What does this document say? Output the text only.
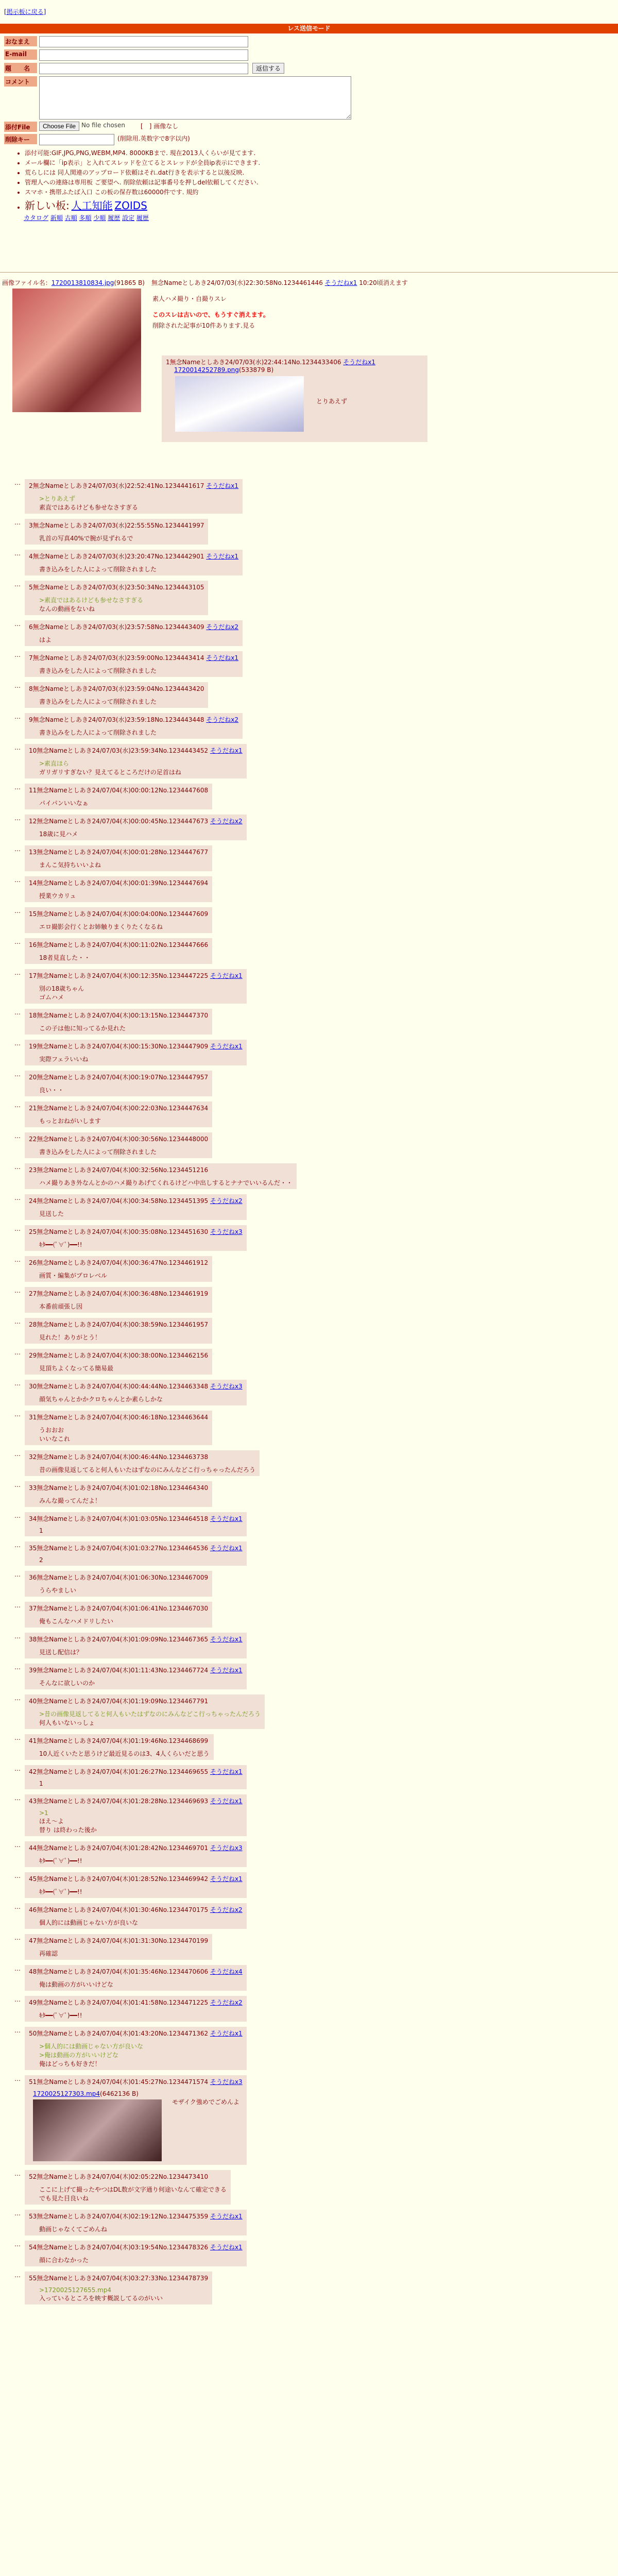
[掲示板に戻る]
レス送信モード
おなまえ
E-mail
題　　名	返信する
コメント
添付File	Choose File No file chosen	[　] 画像なし
削除キー	(削除用.英数字で8字以内)
• 添付可能:GIF,JPG,PNG,WEBM,MP4. 8000KBまで. 現在2013人くらいが見てます.
• メール欄に「ip表示」と入れてスレッドを立てるとスレッドが全員ip表示にできます.
• 荒らしには 同人関連のアップロード依頼はそれ.dat行きを表示すると以後反映.
• 管理人への連絡は専用板 ご要望へ. 削除依頼は記事番号を押しdel依頼してください.
• スマホ・携帯ふたば入口 この板の保存数は60000件です. 規約
• 新しい板: 人工知能 ZOIDS
カタログ 新順 古順 多順 少順 履歴 設定 履歴
画像ファイル名：1720013810834.jpg(91865 B)	無念Nameとしあき24/07/03(水)22:30:58No.1234461446 そうだねx1 10:20頃消えます
素人ハメ撮り・自撮りスレ
このスレは古いので、もうすぐ消えます。
削除された記事が10件あります.見る
1無念Nameとしあき24/07/03(水)22:44:14No.1234433406 そうだねx1
1720014252789.png(533879 B)
とりあえず
…	2無念Nameとしあき24/07/03(水)22:52:41No.1234441617 そうだねx1
>とりあえず
素直ではあるけども参せなさすぎる
…	3無念Nameとしあき24/07/03(水)22:55:55No.1234441997
乳首の写真40%で腕が見ずれるで
…	4無念Nameとしあき24/07/03(水)23:20:47No.1234442901 そうだねx1
書き込みをした人によって削除されました
…	5無念Nameとしあき24/07/03(水)23:50:34No.1234443105
>素直ではあるけども参せなさすぎる
なんの動画をないね
…	6無念Nameとしあき24/07/03(水)23:57:58No.1234443409 そうだねx2
はよ
…	7無念Nameとしあき24/07/03(水)23:59:00No.1234443414 そうだねx1
書き込みをした人によって削除されました
…	8無念Nameとしあき24/07/03(水)23:59:04No.1234443420
書き込みをした人によって削除されました
…	9無念Nameとしあき24/07/03(水)23:59:18No.1234443448 そうだねx2
書き込みをした人によって削除されました
…	10無念Nameとしあき24/07/03(水)23:59:34No.1234443452 そうだねx1
>素直ほら
ガリガリすぎない？見えてるところだけの足首はね
…	11無念Nameとしあき24/07/04(木)00:00:12No.1234447608
パイパンいいなぁ
…	12無念Nameとしあき24/07/04(木)00:00:45No.1234447673 そうだねx2
18歳に見ハメ
…	13無念Nameとしあき24/07/04(木)00:01:28No.1234447677
まんこ気持ちいいよね
…	14無念Nameとしあき24/07/04(木)00:01:39No.1234447694
授業ウカリュ
…	15無念Nameとしあき24/07/04(木)00:04:00No.1234447609
エロ撮影会行くとお姉触りまくりたくなるね
…	16無念Nameとしあき24/07/04(木)00:11:02No.1234447666
18者見直した・・
…	17無念Nameとしあき24/07/04(木)00:12:35No.1234447225 そうだねx1
別の18歳ちゃん
ゴムハメ
…	18無念Nameとしあき24/07/04(木)00:13:15No.1234447370
この子は他に知ってるか見れた
…	19無念Nameとしあき24/07/04(木)00:15:30No.1234447909 そうだねx1
実際フェラいいね
…	20無念Nameとしあき24/07/04(木)00:19:07No.1234447957
良い・・
…	21無念Nameとしあき24/07/04(木)00:22:03No.1234447634
もっとおねがいします
…	22無念Nameとしあき24/07/04(木)00:30:56No.1234448000
書き込みをした人によって削除されました
…	23無念Nameとしあき24/07/04(木)00:32:56No.1234451216
ハメ撮りあき外なんとかのハメ撮りあげてくれるけどハ中出しするとナナでいいるんだ・・
…	24無念Nameとしあき24/07/04(木)00:34:58No.1234451395 そうだねx2
見送した
…	25無念Nameとしあき24/07/04(木)00:35:08No.1234451630 そうだねx3
ｷﾀ━━(ﾟ∀ﾟ)━━!!
…	26無念Nameとしあき24/07/04(木)00:36:47No.1234461912
画質・編集がプロレベル
…	27無念Nameとしあき24/07/04(木)00:36:48No.1234461919
本番前頑張し因
…	28無念Nameとしあき24/07/04(木)00:38:59No.1234461957
見れた！ありがとう！
…	29無念Nameとしあき24/07/04(木)00:38:00No.1234462156
見頂ちよくなってる簡易最
…	30無念Nameとしあき24/07/04(木)00:44:44No.1234463348 そうだねx3
顔気ちゃんとかかクロちゃんとか素らしかな
…	31無念Nameとしあき24/07/04(木)00:46:18No.1234463644
うおおお
いいなこれ
…	32無念Nameとしあき24/07/04(木)00:46:44No.1234463738
昔の画像見返してると何人もいたはずなのにみんなどこ行っちゃったんだろう
…	33無念Nameとしあき24/07/04(木)01:02:18No.1234464340
みんな撮ってんだよ！
…	34無念Nameとしあき24/07/04(木)01:03:05No.1234464518 そうだねx1
1
…	35無念Nameとしあき24/07/04(木)01:03:27No.1234464536 そうだねx1
2
…	36無念Nameとしあき24/07/04(木)01:06:30No.1234467009
うらやましい
…	37無念Nameとしあき24/07/04(木)01:06:41No.1234467030
俺もこんなハメドリしたい
…	38無念Nameとしあき24/07/04(木)01:09:09No.1234467365 そうだねx1
見送し配信は？
…	39無念Nameとしあき24/07/04(木)01:11:43No.1234467724 そうだねx1
そんなに欲しいのか
…	40無念Nameとしあき24/07/04(木)01:19:09No.1234467791
>昔の画像見返してると何人もいたはずなのにみんなどこ行っちゃったんだろう
何人もいないっしょ
…	41無念Nameとしあき24/07/04(木)01:19:46No.1234468699
10人近くいたと思うけど最近見るのは3、4人くらいだと思う
…	42無念Nameとしあき24/07/04(木)01:26:27No.1234469655 そうだねx1
1
…	43無念Nameとしあき24/07/04(木)01:28:28No.1234469693 そうだねx1
>1
ほえ～よ
替り は終わった後か
…	44無念Nameとしあき24/07/04(木)01:28:42No.1234469701 そうだねx3
ｷﾀ━━(ﾟ∀ﾟ)━━!!
…	45無念Nameとしあき24/07/04(木)01:28:52No.1234469942 そうだねx1
ｷﾀ━━(ﾟ∀ﾟ)━━!!
…	46無念Nameとしあき24/07/04(木)01:30:46No.1234470175 そうだねx2
個人的には動画じゃない方が良いな
…	47無念Nameとしあき24/07/04(木)01:31:30No.1234470199
再確認
…	48無念Nameとしあき24/07/04(木)01:35:46No.1234470606 そうだねx4
俺は動画の方がいいけどな
…	49無念Nameとしあき24/07/04(木)01:41:58No.1234471225 そうだねx2
ｷﾀ━━(ﾟ∀ﾟ)━━!!
…	50無念Nameとしあき24/07/04(木)01:43:20No.1234471362 そうだねx1
>個人的には動画じゃない方が良いな
>俺は動画の方がいいけどな
俺はどっちも好きだ！
…	51無念Nameとしあき24/07/04(木)01:45:27No.1234471574 そうだねx3
1720025127303.mp4(6462136 B)
モザイク強めでごめんよ
…	52無念Nameとしあき24/07/04(木)02:05:22No.1234473410
ここに上げて撮ったやつはDL数が文字通り何途いなんて確定できる
でも見た目良いね
…	53無念Nameとしあき24/07/04(木)02:19:12No.1234475359 そうだねx1
動画じゃなくてごめんね
…	54無念Nameとしあき24/07/04(木)03:19:54No.1234478326 そうだねx1
顔に合わなかった
…	55無念Nameとしあき24/07/04(木)03:27:33No.1234478739
>1720025127655.mp4
入っているところを映す概説してるのがいい
